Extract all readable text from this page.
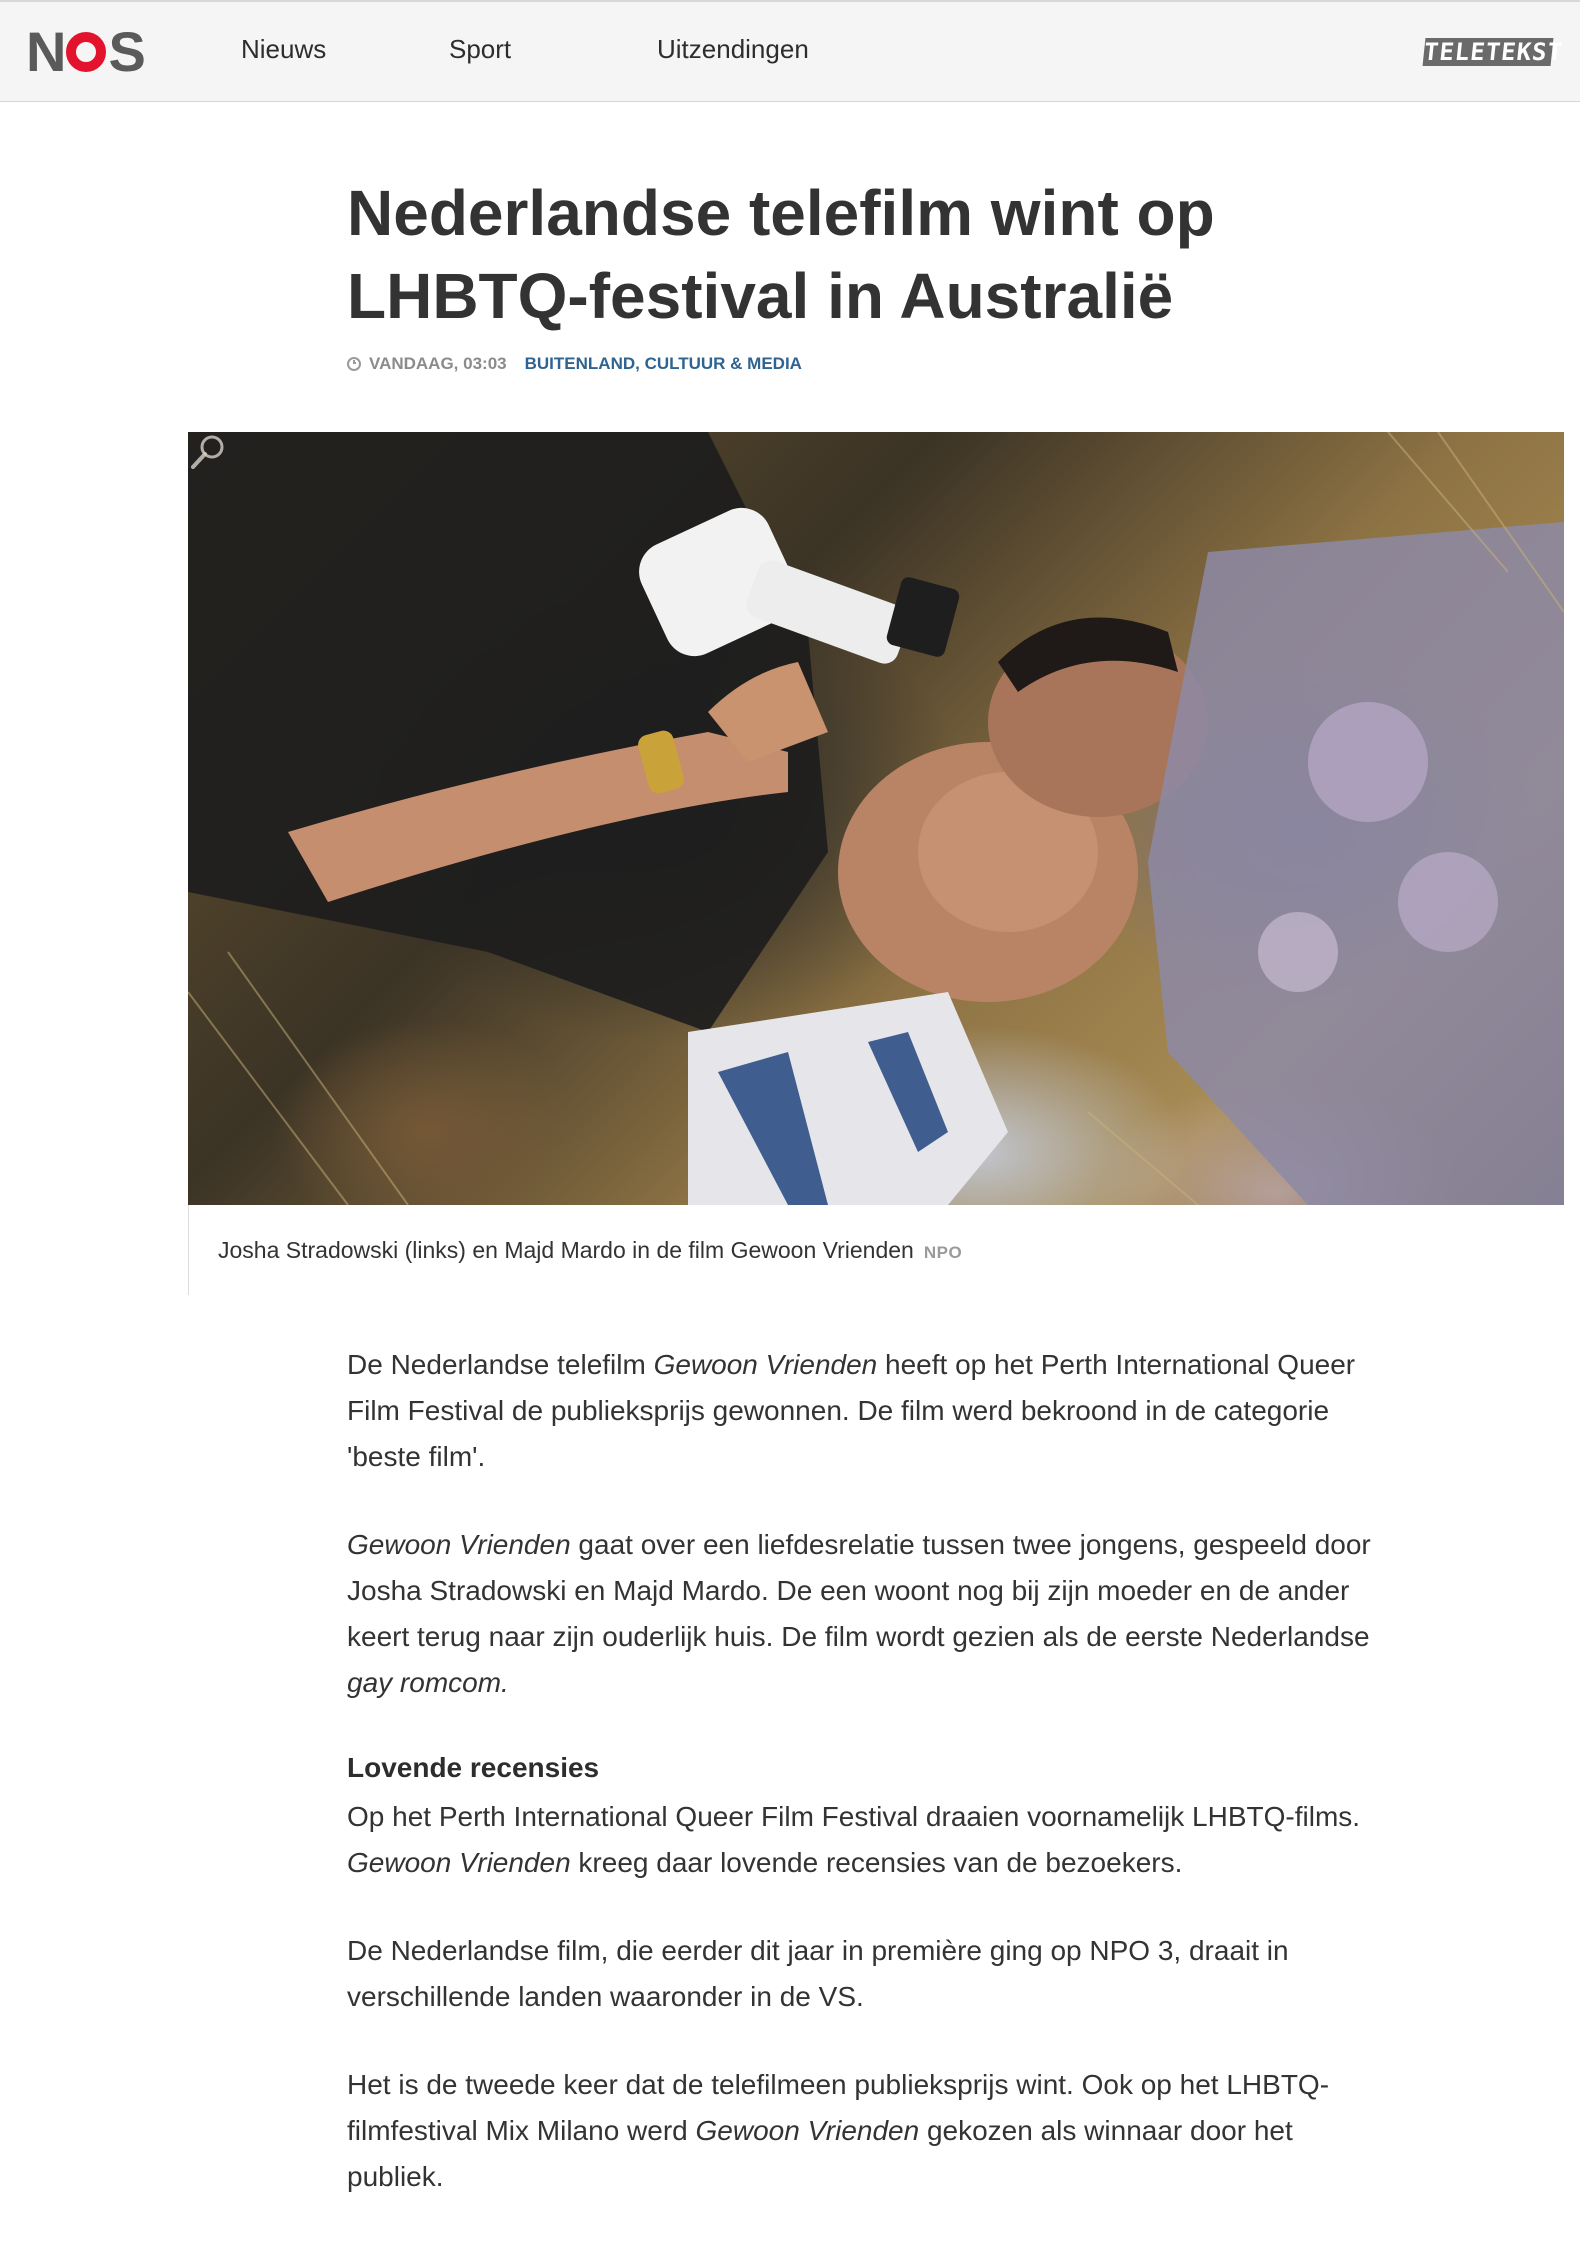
N S	Nieuws	Sport	Uitzendingen	TELETEKST
Nederlandse telefilm wint op LHBTQ-festival in Australië
VANDAAG, 03:03 BUITENLAND, CULTUUR & MEDIA
Josha Stradowski (links) en Majd Mardo in de film Gewoon Vrienden NPO

De Nederlandse telefilm Gewoon Vrienden heeft op het Perth International Queer Film Festival de publieksprijs gewonnen. De film werd bekroond in de categorie 'beste film'.

Gewoon Vrienden gaat over een liefdesrelatie tussen twee jongens, gespeeld door Josha Stradowski en Majd Mardo. De een woont nog bij zijn moeder en de ander keert terug naar zijn ouderlijk huis. De film wordt gezien als de eerste Nederlandse gay romcom.

Lovende recensies

Op het Perth International Queer Film Festival draaien voornamelijk LHBTQ-films. Gewoon Vrienden kreeg daar lovende recensies van de bezoekers.

De Nederlandse film, die eerder dit jaar in première ging op NPO 3, draait in verschillende landen waaronder in de VS.

Het is de tweede keer dat de telefilmeen publieksprijs wint. Ook op het LHBTQ-filmfestival Mix Milano werd Gewoon Vrienden gekozen als winnaar door het publiek.
